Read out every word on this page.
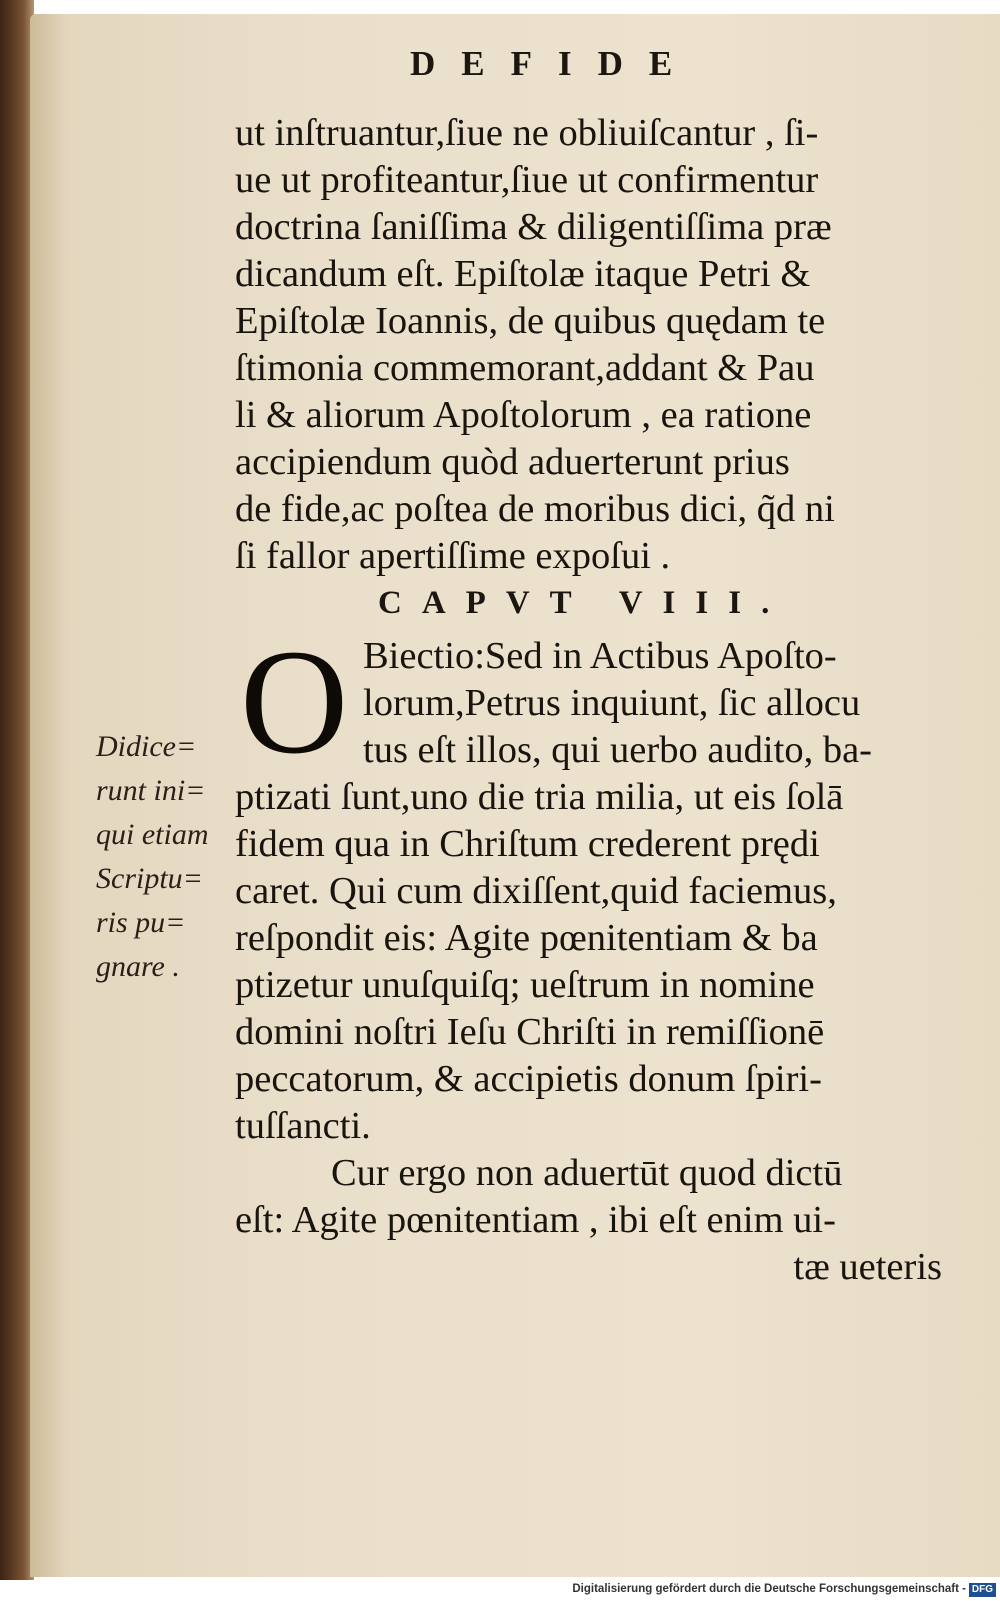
DEFIDE
ut inſtruantur,ſiue ne obliuiſcantur , ſi-
ue ut profiteantur,ſiue ut confirmentur
doctrina ſaniſſima & diligentiſſima præ
dicandum eſt. Epiſtolæ itaque Petri &
Epiſtolæ Ioannis, de quibus quędam te
ſtimonia commemorant,addant & Pau
li & aliorum Apoſtolorum , ea ratione
accipiendum quòd aduerterunt prius
de fide,ac poſtea de moribus dici, q̃d ni
ſi fallor apertiſſime expoſui .
CAPVT VIII.
O Biectio:Sed in Actibus Apoſto-
lorum,Petrus inquiunt, ſic allocu
tus eſt illos, qui uerbo audito, ba-
ptizati ſunt,uno die tria milia, ut eis ſolā
fidem qua in Chriſtum crederent prędi
caret. Qui cum dixiſſent,quid faciemus,
reſpondit eis: Agite pœnitentiam & ba
ptizetur unuſquiſq; ueſtrum in nomine
domini noſtri Ieſu Chriſti in remiſſionē
peccatorum, & accipietis donum ſpiri-
tuſſancti.
Didice=
runt ini=
qui etiam
Scriptu=
ris pu=
gnare .
Cur ergo non aduertūt quod dictū
eſt: Agite pœnitentiam , ibi eſt enim ui-
tæ ueteris

Digitalisierung gefördert durch die Deutsche Forschungsgemeinschaft - DFG
